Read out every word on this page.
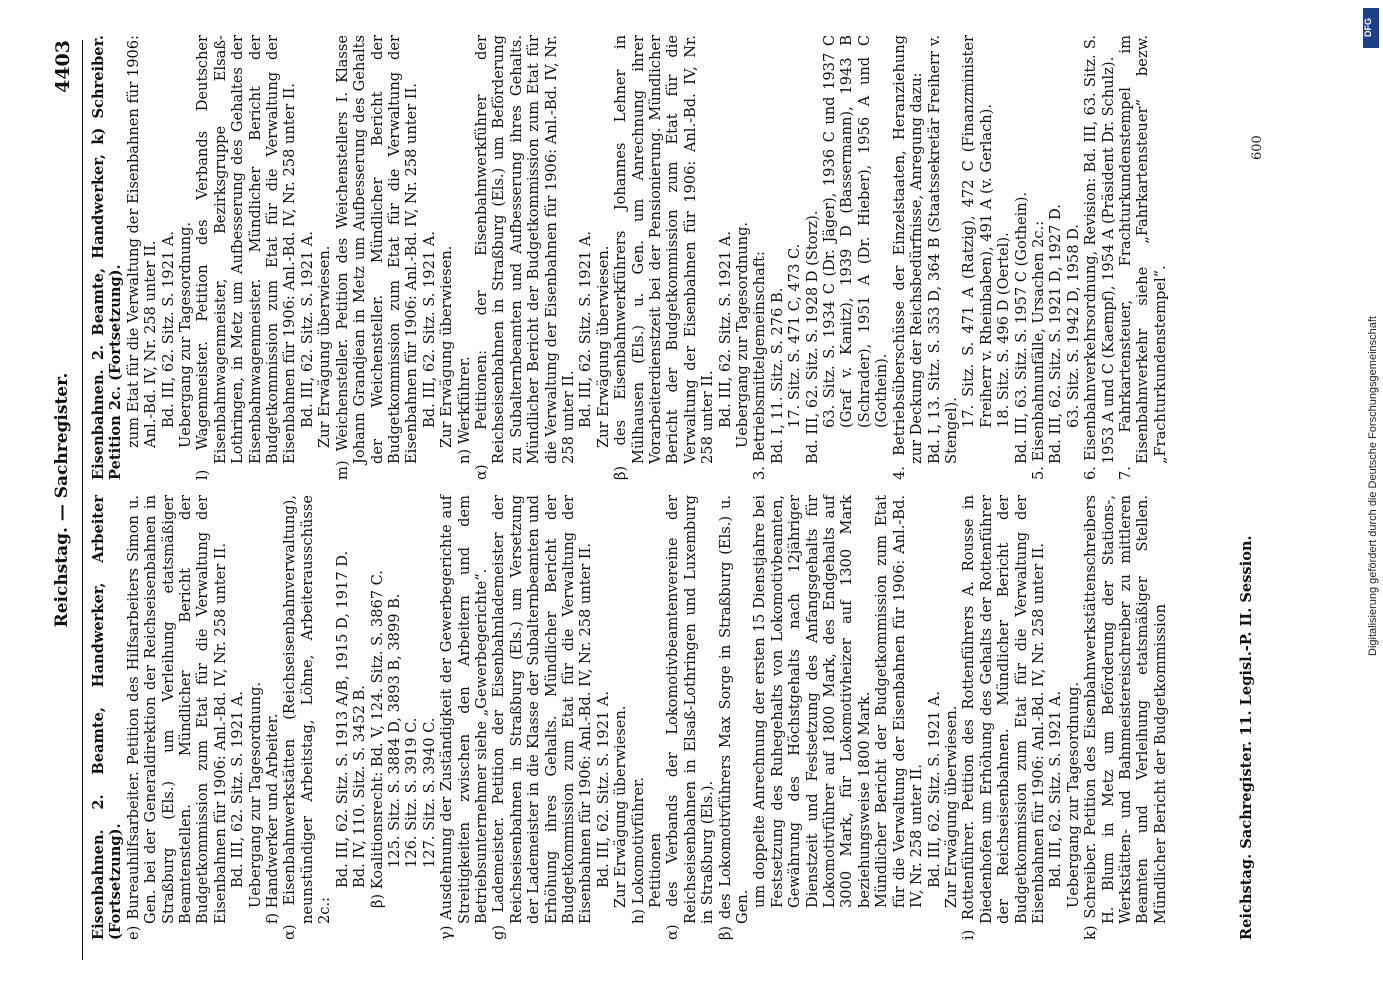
Reichstag. — Sachregister.
4403

Eisenbahnen. 2. Beamte, Handwerker, Arbeiter (Fortsetzung). e) Bureauhilfsarbeiter. Petition des Hilfsarbeiters Simon u. Gen. bei der Generaldirektion der Reichseisenbahnen in Straßburg (Els.) um Verleihung etatsmäßiger Beamtenstellen. Mündlicher Bericht der Budgetkommission zum Etat für die Verwaltung der Eisenbahnen für 1906: Anl.-Bd. IV, Nr. 258 unter II. Bd. III, 62. Sitz. S. 1921 A. Uebergang zur Tagesordnung. f) Handwerker und Arbeiter. α) Eisenbahnwerkstätten (Reichseisenbahnverwaltung), neunstündiger Arbeitstag, Löhne, Arbeiterausschüsse 2c.:

Bd. III, 62. Sitz. S. 1913 A/B, 1915 D, 1917 D. Bd. IV, 110. Sitz. S. 3452 B. β) Koalitionsrecht: Bd. V, 124. Sitz. S. 3867 C. 125. Sitz. S. 3884 D, 3893 B, 3899 B. 126. Sitz. S. 3919 C. 127. Sitz. S. 3940 C. γ) Ausdehnung der Zuständigkeit der Gewerbegerichte auf Streitigkeiten zwischen den Arbeitern und dem Betriebsunternehmer siehe „Gewerbegerichte“. g) Lademeister. Petition der Eisenbahnlademeister der Reichseisenbahnen in Straßburg (Els.) um Versetzung der Lademeister in die Klasse der Subalternbeamten und Erhöhung ihres Gehalts. Mündlicher Bericht der Budgetkommission zum Etat für die Verwaltung der Eisenbahnen für 1906: Anl.-Bd. IV, Nr. 258 unter II. Bd. III, 62. Sitz. S. 1921 A. Zur Erwägung überwiesen. h) Lokomotivführer. Petitionen α) des Verbands der Lokomotivbeamtenvereine der Reichseisenbahnen in Elsaß-Lothringen und Luxemburg in Straßburg (Els.). β) des Lokomotivführers Max Sorge in Straßburg (Els.) u. Gen. um doppelte Anrechnung der ersten 15 Dienstjahre bei Festsetzung des Ruhegehalts von Lokomotivbeamten, Gewährung des Höchstgehalts nach 12jähriger Dienstzeit und Festsetzung des Anfangsgehalts für Lokomotivführer auf 1800 Mark, des Endgehalts auf 3000 Mark, für Lokomotivheizer auf 1300 Mark beziehungsweise 1800 Mark. Mündlicher Bericht der Budgetkommission zum Etat für die Verwaltung der Eisenbahnen für 1906: Anl.-Bd. IV, Nr. 258 unter II. Bd. III, 62. Sitz. S. 1921 A. Zur Erwägung überwiesen. i) Rottenführer. Petition des Rottenführers A. Rousse in Diedenhofen um Erhöhung des Gehalts der Rottenführer der Reichseisenbahnen. Mündlicher Bericht der Budgetkommission zum Etat für die Verwaltung der Eisenbahnen für 1906: Anl.-Bd. IV, Nr. 258 unter II. Bd. III, 62. Sitz. S. 1921 A. Uebergang zur Tagesordnung. k) Schreiber. Petition des Eisenbahnwerkstättenschreibers H. Blum in Metz um Beförderung der Stations-, Werkstätten- und Bahnmeistereischreiber zu mittleren Beamten und Verleihung etatsmäßiger Stellen. Mündlicher Bericht der Budgetkommission

Eisenbahnen. 2. Beamte, Handwerker, k) Schreiber. Petition 2c. (Fortsetzung). zum Etat für die Verwaltung der Eisenbahnen für 1906: Anl.-Bd. IV, Nr. 258 unter II. Bd. III, 62. Sitz. S. 1921 A. Uebergang zur Tagesordnung. l) Wagenmeister. Petition des Verbands Deutscher Eisenbahnwagenmeister, Bezirksgruppe Elsaß-Lothringen, in Metz um Aufbesserung des Gehaltes der Eisenbahnwagenmeister. Mündlicher Bericht der Budgetkommission zum Etat für die Verwaltung der Eisenbahnen für 1906: Anl.-Bd. IV, Nr. 258 unter II. Bd. III, 62. Sitz. S. 1921 A. Zur Erwägung überwiesen. m) Weichensteller. Petition des Weichenstellers I. Klasse Johann Grandjean in Metz um Aufbesserung des Gehalts der Weichensteller. Mündlicher Bericht der Budgetkommission zum Etat für die Verwaltung der Eisenbahnen für 1906: Anl.-Bd. IV, Nr. 258 unter II. Bd. III, 62. Sitz. S. 1921 A. Zur Erwägung überwiesen. n) Werkführer. α) Petitionen: der Eisenbahnwerkführer der Reichseisenbahnen in Straßburg (Els.) um Beförderung zu Subalternbeamten und Aufbesserung ihres Gehalts. Mündlicher Bericht der Budgetkommission zum Etat für die Verwaltung der Eisenbahnen für 1906: Anl.-Bd. IV, Nr. 258 unter II. Bd. III, 62. Sitz. S. 1921 A. Zur Erwägung überwiesen. β) des Eisenbahnwerkführers Johannes Lehner in Mülhausen (Els.) u. Gen. um Anrechnung ihrer Vorarbeiterdienstzeit bei der Pensionierung. Mündlicher Bericht der Budgetkommission zum Etat für die Verwaltung der Eisenbahnen für 1906: Anl.-Bd. IV, Nr. 258 unter II. Bd. III, 62. Sitz. S. 1921 A. Uebergang zur Tagesordnung. 3. Betriebsmittelgemeinschaft: Bd. I, 11. Sitz. S. 276 B. 17. Sitz. S. 471 C, 473 C. Bd. III, 62. Sitz. S. 1928 D (Storz). 63. Sitz. S. 1934 C (Dr. Jäger), 1936 C und 1937 C (Graf v. Kanitz), 1939 D (Bassermann), 1943 B (Schrader), 1951 A (Dr. Hieber), 1956 A und C (Gothein). 4. Betriebsüberschüsse der Einzelstaaten, Heranziehung zur Deckung der Reichsbedürfnisse, Anregung dazu: Bd. I, 13. Sitz. S. 353 D, 364 B (Staatssekretär Freiherr v. Stengel).

17. Sitz. S. 471 A (Ratzig), 472 C (Finanzminister Freiherr v. Rheinbaben), 491 A (v. Gerlach). 18. Sitz. S. 496 D (Oertel). Bd. III, 63. Sitz. S. 1957 C (Gothein). 5. Eisenbahnunfälle, Ursachen 2c.: Bd. III, 62. Sitz. S. 1921 D, 1927 D. 63. Sitz. S. 1942 D, 1958 D. 6. Eisenbahnverkehrsordnung, Revision: Bd. III, 63. Sitz. S. 1953 A und C (Kaempf), 1954 A (Präsident Dr. Schulz). 7. Fahrkartensteuer, Frachturkundenstempel im Eisenbahnverkehr siehe „Fahrkartensteuer“ bezw. „Frachturkundenstempel“.

Reichstag. Sachregister. 11. Legisl.-P. II. Session.
600
DFG
Digitalisierung gefördert durch die Deutsche Forschungsgemeinschaft
